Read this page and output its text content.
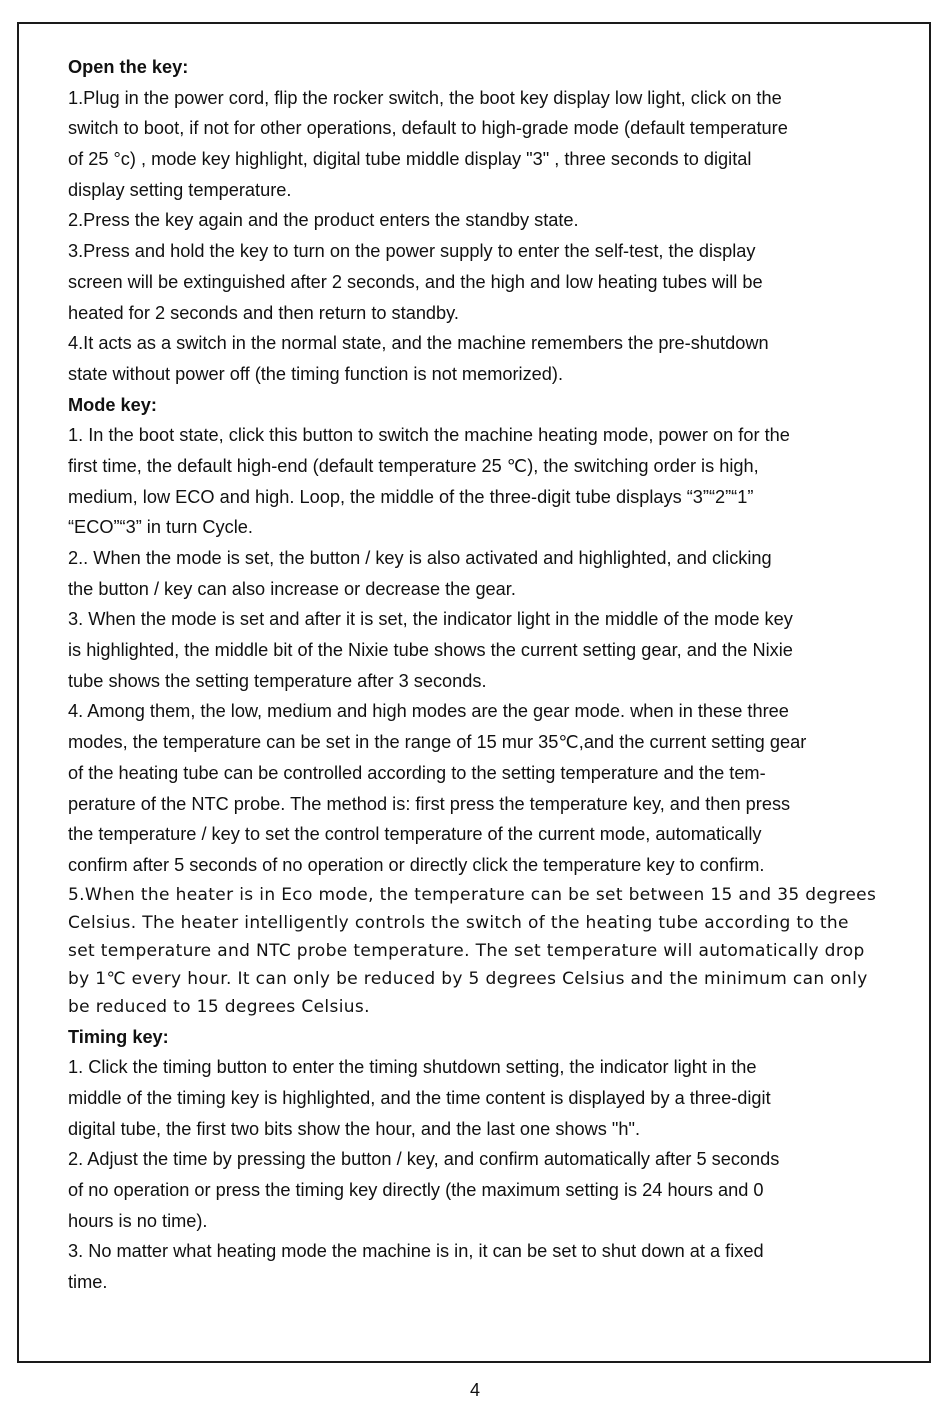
Open the key:
1.Plug in the power cord, flip the rocker switch, the boot key display low light, click on the
switch to boot, if not for other operations, default to high-grade mode (default temperature
of 25 °c) , mode key highlight, digital tube middle display "3" , three seconds to digital
display setting temperature.
2.Press the key again and the product enters the standby state.
3.Press and hold the key to turn on the power supply to enter the self-test, the display
screen will be extinguished after 2 seconds, and the high and low heating tubes will be
heated for 2 seconds and then return to standby.
4.It acts as a switch in the normal state, and the machine remembers the pre-shutdown
state without power off (the timing function is not memorized).
Mode key:
1. In the boot state, click this button to switch the machine heating mode, power on for the
first time, the default high-end (default temperature 25 ℃), the switching order is high,
medium, low ECO and high. Loop, the middle of the three-digit tube displays “3”“2”“1”
“ECO”“3” in turn Cycle.
2.. When the mode is set, the button / key is also activated and highlighted, and clicking
the button / key can also increase or decrease the gear.
3. When the mode is set and after it is set, the indicator light in the middle of the mode key
is highlighted, the middle bit of the Nixie tube shows the current setting gear, and the Nixie
tube shows the setting temperature after 3 seconds.
4. Among them, the low, medium and high modes are the gear mode. when in these three
modes, the temperature can be set in the range of 15 mur 35℃,and the current setting gear
of the heating tube can be controlled according to the setting temperature and the tem-
perature of the NTC probe. The method is: first press the temperature key, and then press
the temperature / key to set the control temperature of the current mode, automatically
confirm after 5 seconds of no operation or directly click the temperature key to confirm.
5.When the heater is in Eco mode, the temperature can be set between 15 and 35 degrees
Celsius. The heater intelligently controls the switch of the heating tube according to the
set temperature and NTC probe temperature. The set temperature will automatically drop
by 1℃ every hour. It can only be reduced by 5 degrees Celsius and the minimum can only
be reduced to 15 degrees Celsius.
Timing key:
1. Click the timing button to enter the timing shutdown setting, the indicator light in the
middle of the timing key is highlighted, and the time content is displayed by a three-digit
digital tube, the first two bits show the hour, and the last one shows "h".
2. Adjust the time by pressing the button / key, and confirm automatically after 5 seconds
of no operation or press the timing key directly (the maximum setting is 24 hours and 0
hours is no time).
3. No matter what heating mode the machine is in, it can be set to shut down at a fixed
time.
4
